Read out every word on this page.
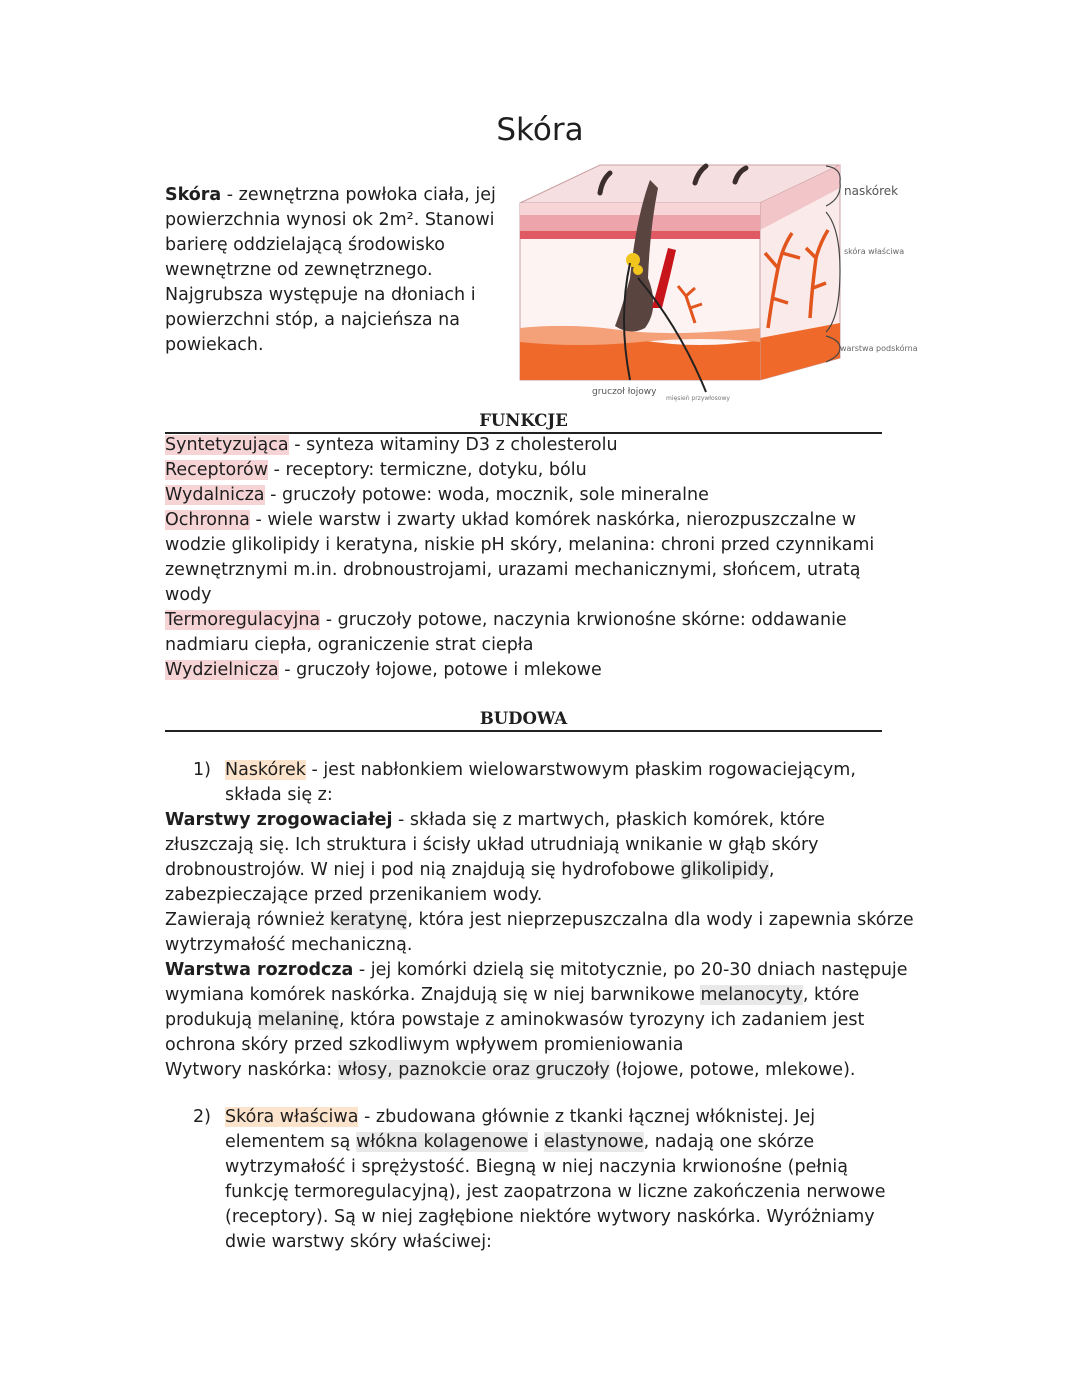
Skóra
Skóra - zewnętrzna powłoka ciała, jej powierzchnia wynosi ok 2m². Stanowi barierę oddzielającą środowisko wewnętrzne od zewnętrznego. Najgrubsza występuje na dłoniach i powierzchni stóp, a najcieńsza na powiekach.
naskórek
skóra właściwa
warstwa podskórna
gruczoł łojowy
mięsień przywłosowy
FUNKCJE

Syntetyzująca - synteza witaminy D3 z cholesterolu

Receptorów - receptory: termiczne, dotyku, bólu

Wydalnicza - gruczoły potowe: woda, mocznik, sole mineralne

Ochronna - wiele warstw i zwarty układ komórek naskórka, nierozpuszczalne w wodzie glikolipidy i keratyna, niskie pH skóry, melanina: chroni przed czynnikami zewnętrznymi m.in. drobnoustrojami, urazami mechanicznymi, słońcem, utratą wody

Termoregulacyjna - gruczoły potowe, naczynia krwionośne skórne: oddawanie nadmiaru ciepła, ograniczenie strat ciepła

Wydzielnicza - gruczoły łojowe, potowe i mlekowe

BUDOWA

1) Naskórek - jest nabłonkiem wielowarstwowym płaskim rogowaciejącym, składa się z:

Warstwy zrogowaciałej - składa się z martwych, płaskich komórek, które złuszczają się. Ich struktura i ścisły układ utrudniają wnikanie w głąb skóry drobnoustrojów. W niej i pod nią znajdują się hydrofobowe glikolipidy, zabezpieczające przed przenikaniem wody.

Zawierają również keratynę, która jest nieprzepuszczalna dla wody i zapewnia skórze wytrzymałość mechaniczną.

Warstwa rozrodcza - jej komórki dzielą się mitotycznie, po 20-30 dniach następuje wymiana komórek naskórka. Znajdują się w niej barwnikowe melanocyty, które produkują melaninę, która powstaje z aminokwasów tyrozyny ich zadaniem jest ochrona skóry przed szkodliwym wpływem promieniowania

Wytwory naskórka: włosy, paznokcie oraz gruczoły (łojowe, potowe, mlekowe).

2) Skóra właściwa - zbudowana głównie z tkanki łącznej włóknistej. Jej elementem są włókna kolagenowe i elastynowe, nadają one skórze wytrzymałość i sprężystość. Biegną w niej naczynia krwionośne (pełnią funkcję termoregulacyjną), jest zaopatrzona w liczne zakończenia nerwowe (receptory). Są w niej zagłębione niektóre wytwory naskórka. Wyróżniamy dwie warstwy skóry właściwej:
